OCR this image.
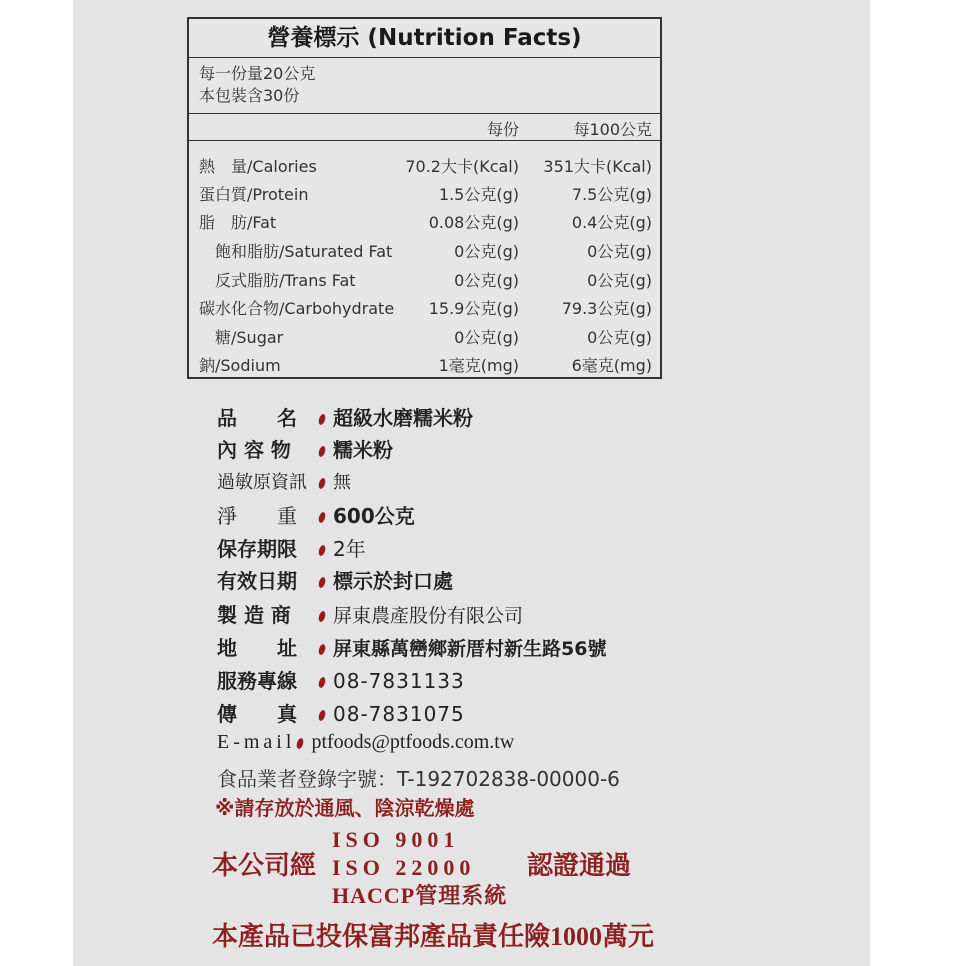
營養標示 (Nutrition Facts)
每一份量20公克
本包裝含30份
每份	每100公克
熱　量/Calories	70.2大卡(Kcal) 351大卡(Kcal)
蛋白質/Protein	1.5公克(g)	7.5公克(g)
脂　肪/Fat	0.08公克(g)	0.4公克(g)
飽和脂肪/Saturated Fat	0公克(g)	0公克(g)
反式脂肪/Trans Fat	0公克(g)	0公克(g)
碳水化合物/Carbohydrate 15.9公克(g)	79.3公克(g)
糖/Sugar	0公克(g)	0公克(g)
鈉/Sodium	1毫克(mg)	6毫克(mg)
品　　名 超級水磨糯米粉
內 容 物 糯米粉
過敏原資訊 無
淨　　重 600公克
保存期限 2年
有效日期 標示於封口處
製 造 商 屏東農產股份有限公司
地　　址 屏東縣萬巒鄉新厝村新生路56號
服務專線 08-7831133
傳　　真 08-7831075
E-mail ptfoods@ptfoods.com.tw
食品業者登錄字號：T-192702838-00000-6
※請存放於通風、陰涼乾燥處
本公司經
ISO 9001
ISO 22000
HACCP管理系統
認證通過
本產品已投保富邦產品責任險1000萬元
